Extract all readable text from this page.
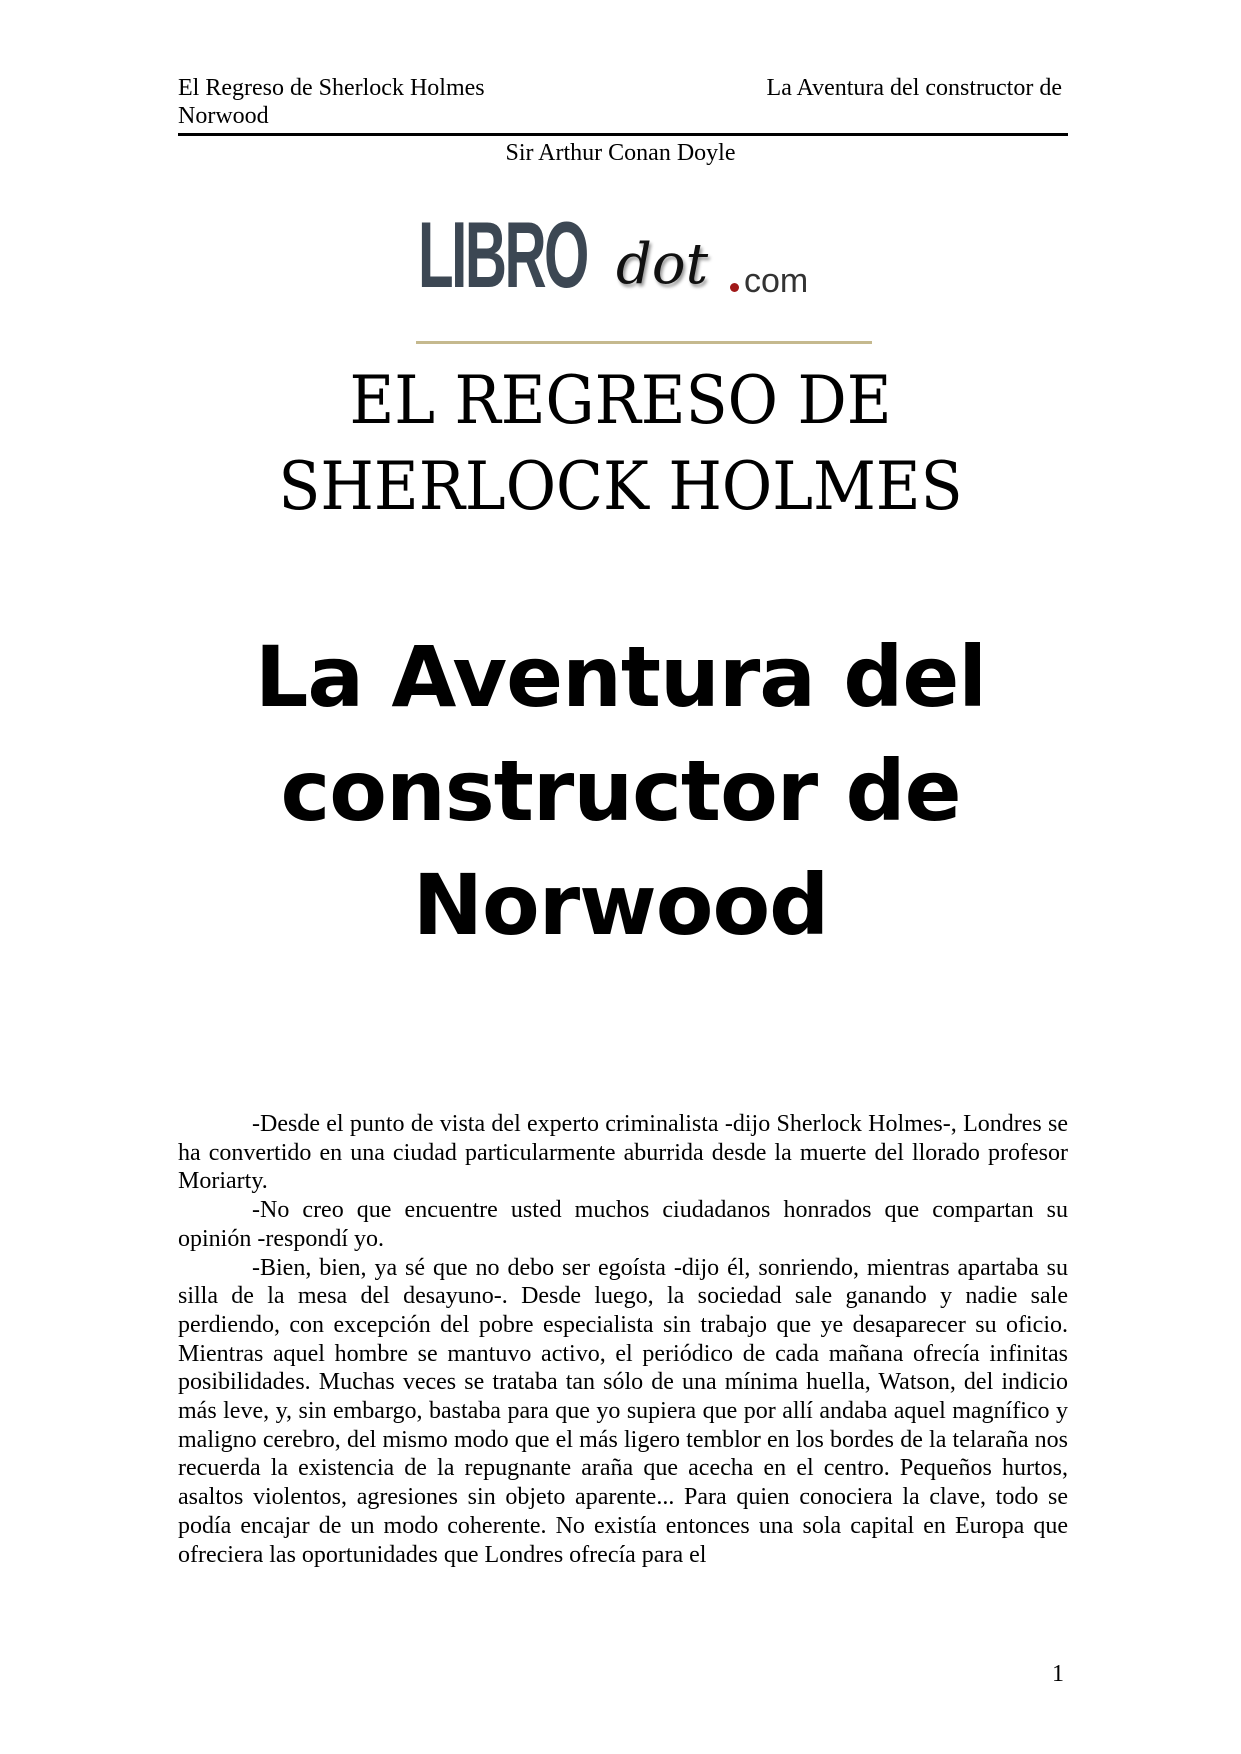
El Regreso de Sherlock Holmes	La Aventura del constructor de
Norwood
Sir Arthur Conan Doyle
LIBRO dot com
EL REGRESO DE
SHERLOCK HOLMES
La Aventura del
constructor de
Norwood

-Desde el punto de vista del experto criminalista -dijo Sherlock Holmes-, Londres se ha convertido en una ciudad particularmente aburrida desde la muerte del llorado profesor Moriarty.

-No creo que encuentre usted muchos ciudadanos honrados que compartan su opinión -respondí yo.

-Bien, bien, ya sé que no debo ser egoísta -dijo él, sonriendo, mientras apartaba su silla de la mesa del desayuno-. Desde luego, la sociedad sale ganando y nadie sale perdiendo, con excepción del pobre especialista sin trabajo que ye desaparecer su oficio. Mientras aquel hombre se mantuvo activo, el periódico de cada mañana ofrecía infinitas posibilidades. Muchas veces se trataba tan sólo de una mínima huella, Watson, del indicio más leve, y, sin embargo, bastaba para que yo supiera que por allí andaba aquel magnífico y maligno cerebro, del mismo modo que el más ligero temblor en los bordes de la telaraña nos recuerda la existencia de la repugnante araña que acecha en el centro. Pequeños hurtos, asaltos violentos, agresiones sin objeto aparente... Para quien conociera la clave, todo se podía encajar de un modo coherente. No existía entonces una sola capital en Europa que ofreciera las oportunidades que Londres ofrecía para el

1
